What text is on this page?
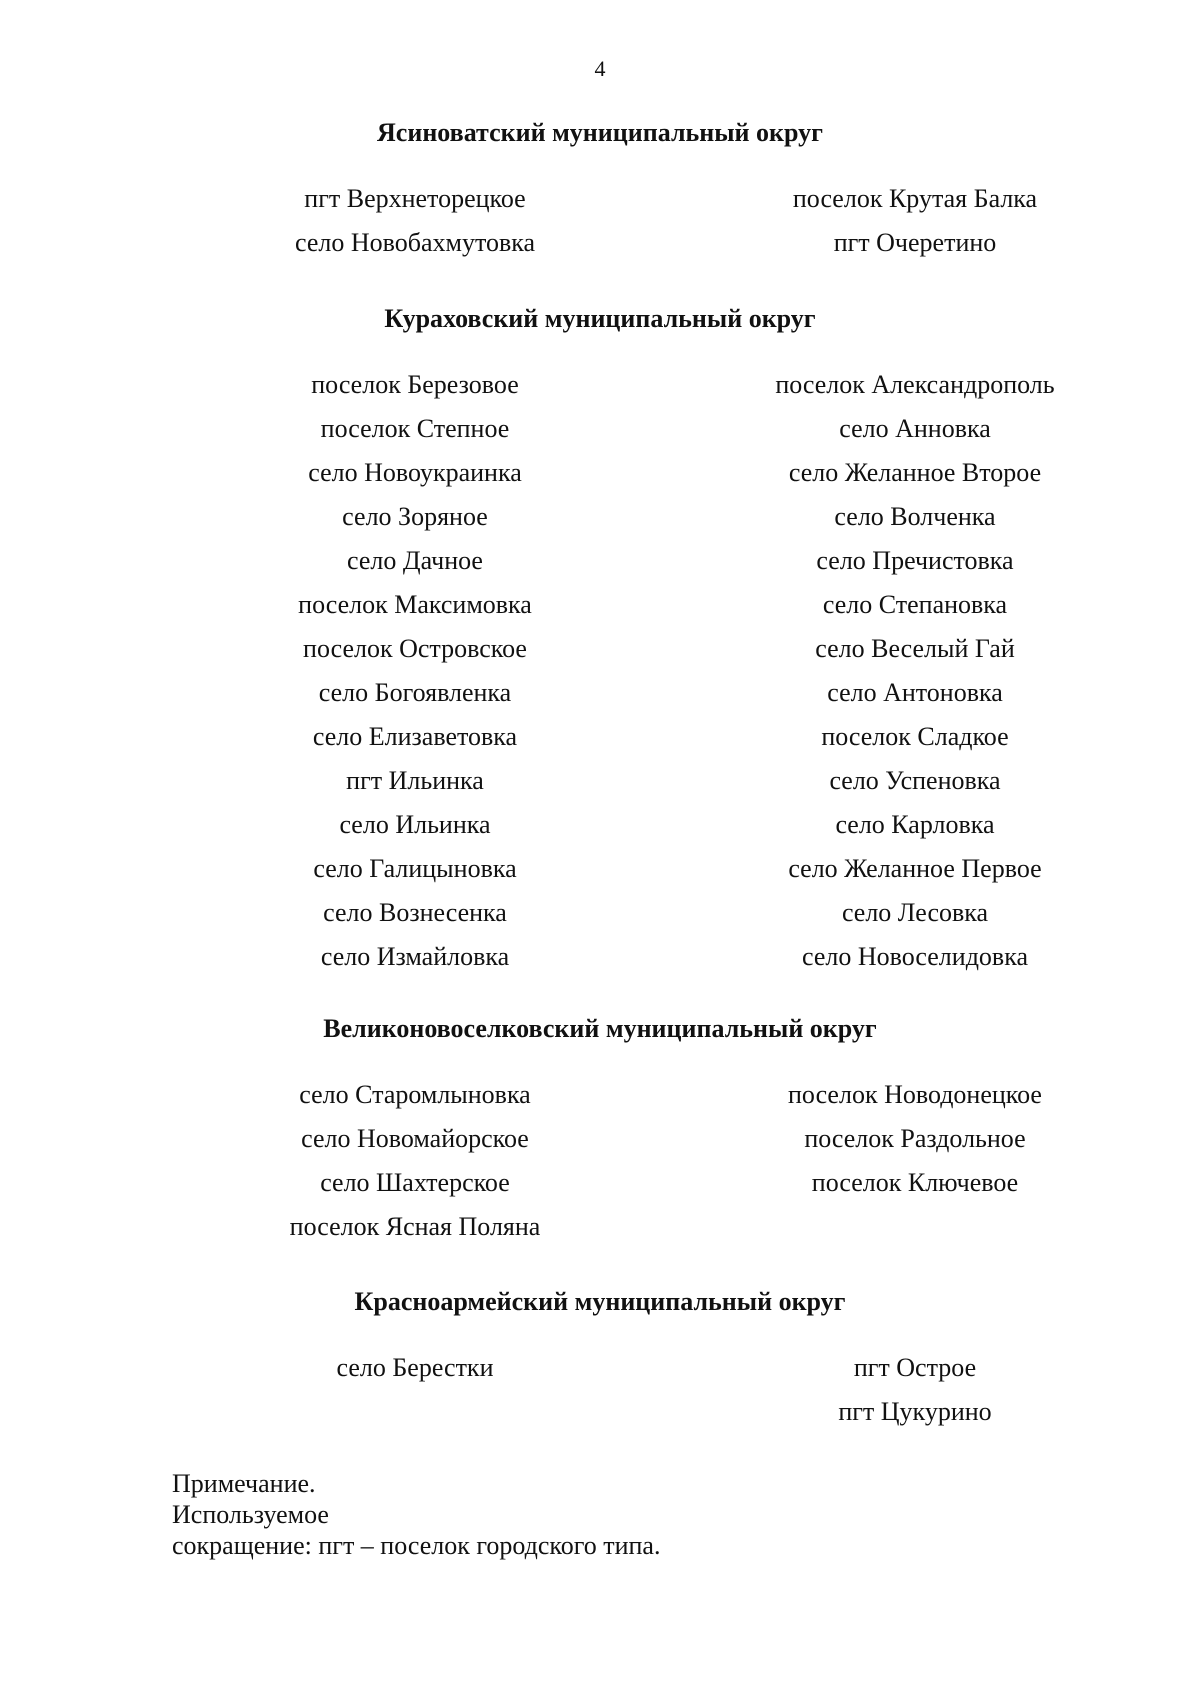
4
Ясиноватский муниципальный округ
пгт Верхнеторецкое
село Новобахмутовка
поселок Крутая Балка
пгт Очеретино
Кураховский муниципальный округ
поселок Березовое
поселок Степное
село Новоукраинка
село Зоряное
село Дачное
поселок Максимовка
поселок Островское
село Богоявленка
село Елизаветовка
пгт Ильинка
село Ильинка
село Галицыновка
село Вознесенка
село Измайловка
поселок Александрополь
село Анновка
село Желанное Второе
село Волченка
село Пречистовка
село Степановка
село Веселый Гай
село Антоновка
поселок Сладкое
село Успеновка
село Карловка
село Желанное Первое
село Лесовка
село Новоселидовка
Великоновоселковский муниципальный округ
село Старомлыновка
село Новомайорское
село Шахтерское
поселок Ясная Поляна
поселок Новодонецкое
поселок Раздольное
поселок Ключевое
Красноармейский муниципальный округ
село Берестки	пгт Острое
пгт Цукурино
Примечание.
Используемое
сокращение: пгт – поселок городского типа.
